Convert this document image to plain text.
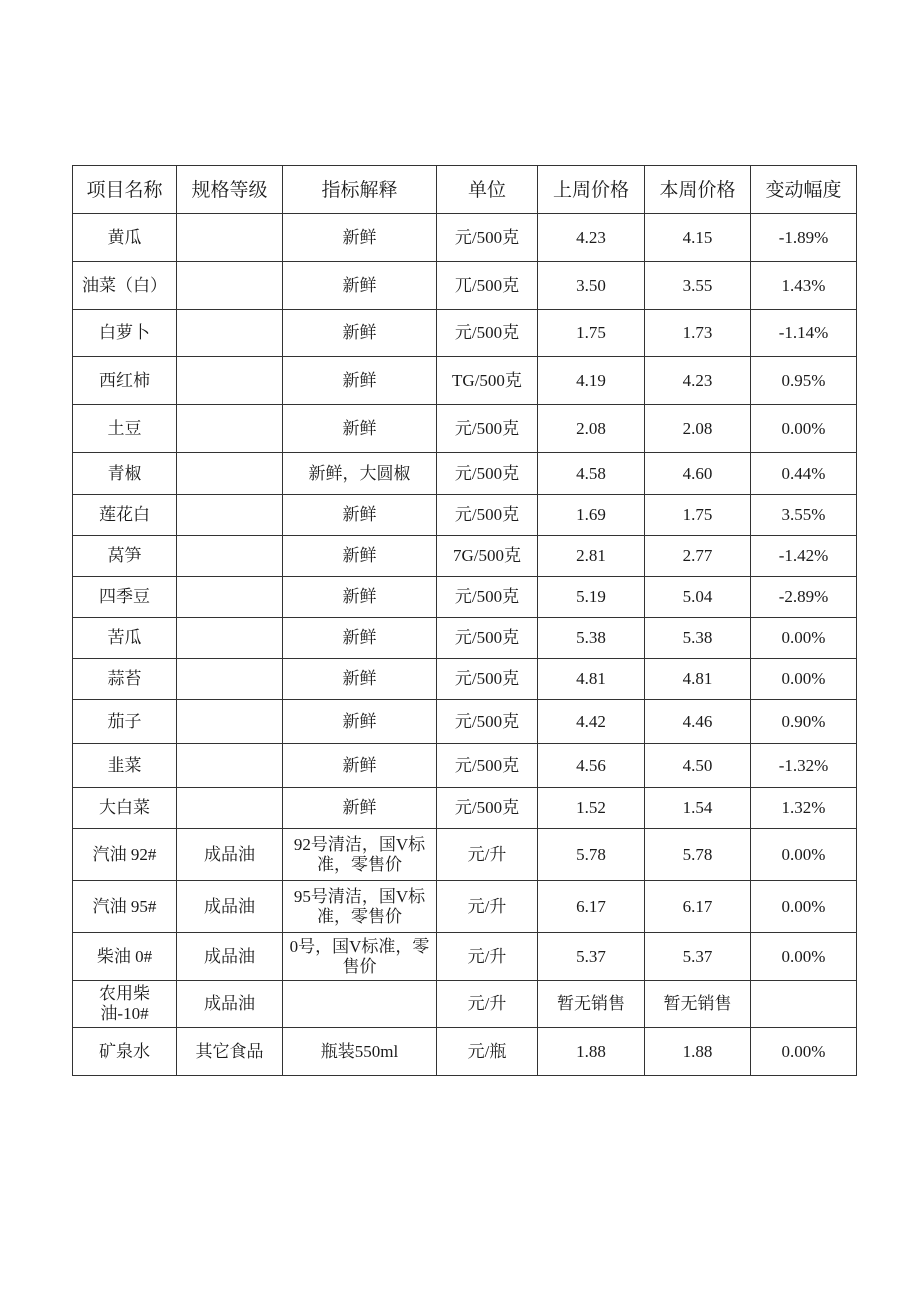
项目名称	规格等级	指标解释	单位	上周价格	本周价格	变动幅度
黄瓜		新鲜	元/500克	4.23	4.15	-1.89%
油菜（白）		新鲜	兀/500克	3.50	3.55	1.43%
白萝卜		新鲜	元/500克	1.75	1.73	-1.14%
西红柿		新鲜	TG/500克	4.19	4.23	0.95%
土豆		新鲜	元/500克	2.08	2.08	0.00%
青椒		新鲜，大圆椒	元/500克	4.58	4.60	0.44%
莲花白		新鲜	元/500克	1.69	1.75	3.55%
莴笋		新鲜	7G/500克	2.81	2.77	-1.42%
四季豆		新鲜	元/500克	5.19	5.04	-2.89%
苦瓜		新鲜	元/500克	5.38	5.38	0.00%
蒜苔		新鲜	元/500克	4.81	4.81	0.00%
茄子		新鲜	元/500克	4.42	4.46	0.90%
韭菜		新鲜	元/500克	4.56	4.50	-1.32%
大白菜		新鲜	元/500克	1.52	1.54	1.32%
汽油 92#	成品油	92号清洁，国V标准，零售价	元/升	5.78	5.78	0.00%
汽油 95#	成品油	95号清洁，国V标准，零售价	元/升	6.17	6.17	0.00%
柴油 0#	成品油	0号，国V标准，零售价	元/升	5.37	5.37	0.00%
农用柴油-10#	成品油		元/升	暂无销售	暂无销售	
矿泉水	其它食品	瓶装550ml	元/瓶	1.88	1.88	0.00%
